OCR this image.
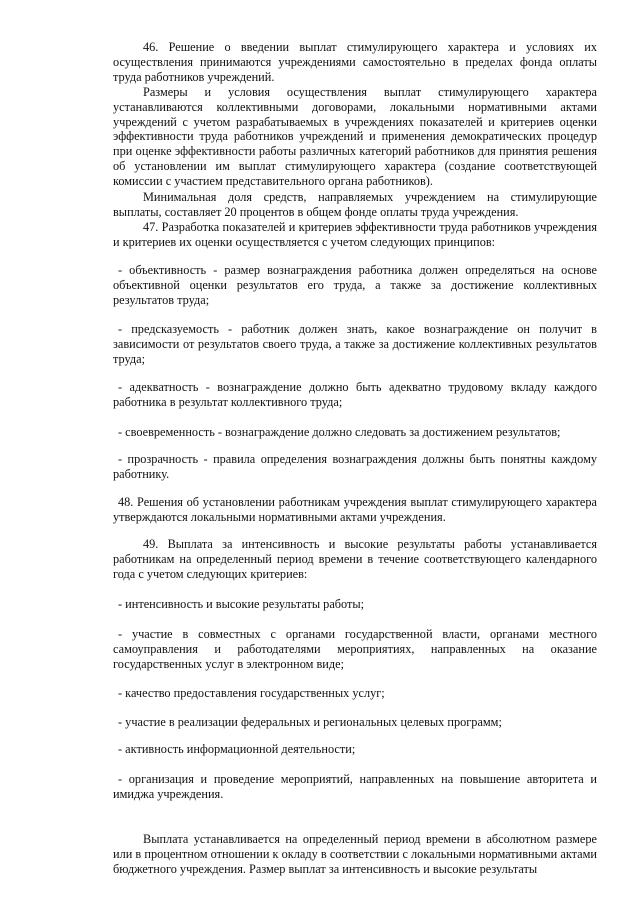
46. Решение о введении выплат стимулирующего характера и условиях их осуществления принимаются учреждениями самостоятельно в пределах фонда оплаты труда работников учреждений.

Размеры и условия осуществления выплат стимулирующего характера устанавливаются коллективными договорами, локальными нормативными актами учреждений с учетом разрабатываемых в учреждениях показателей и критериев оценки эффективности труда работников учреждений и применения демократических процедур при оценке эффективности работы различных категорий работников для принятия решения об установлении им выплат стимулирующего характера (создание соответствующей комиссии с участием представительного органа работников).

Минимальная доля средств, направляемых учреждением на стимулирующие выплаты, составляет 20 процентов в общем фонде оплаты труда учреждения.

47. Разработка показателей и критериев эффективности труда работников учреждения и критериев их оценки осуществляется с учетом следующих принципов:

- объективность - размер вознаграждения работника должен определяться на основе объективной оценки результатов его труда, а также за достижение коллективных результатов труда;

- предсказуемость - работник должен знать, какое вознаграждение он получит в зависимости от результатов своего труда, а также за достижение коллективных результатов труда;

- адекватность - вознаграждение должно быть адекватно трудовому вкладу каждого работника в результат коллективного труда;

- своевременность - вознаграждение должно следовать за достижением результатов;

- прозрачность - правила определения вознаграждения должны быть понятны каждому работнику.

48. Решения об установлении работникам учреждения выплат стимулирующего характера утверждаются локальными нормативными актами учреждения.

49. Выплата за интенсивность и высокие результаты работы устанавливается работникам на определенный период времени в течение соответствующего календарного года с учетом следующих критериев:

- интенсивность и высокие результаты работы;

- участие в совместных с органами государственной власти, органами местного самоуправления и работодателями мероприятиях, направленных на оказание государственных услуг в электронном виде;

- качество предоставления государственных услуг;

- участие в реализации федеральных и региональных целевых программ;

- активность информационной деятельности;

- организация и проведение мероприятий, направленных на повышение авторитета и имиджа учреждения.

Выплата устанавливается на определенный период времени в абсолютном размере или в процентном отношении к окладу в соответствии с локальными нормативными актами бюджетного учреждения. Размер выплат за интенсивность и высокие результаты
